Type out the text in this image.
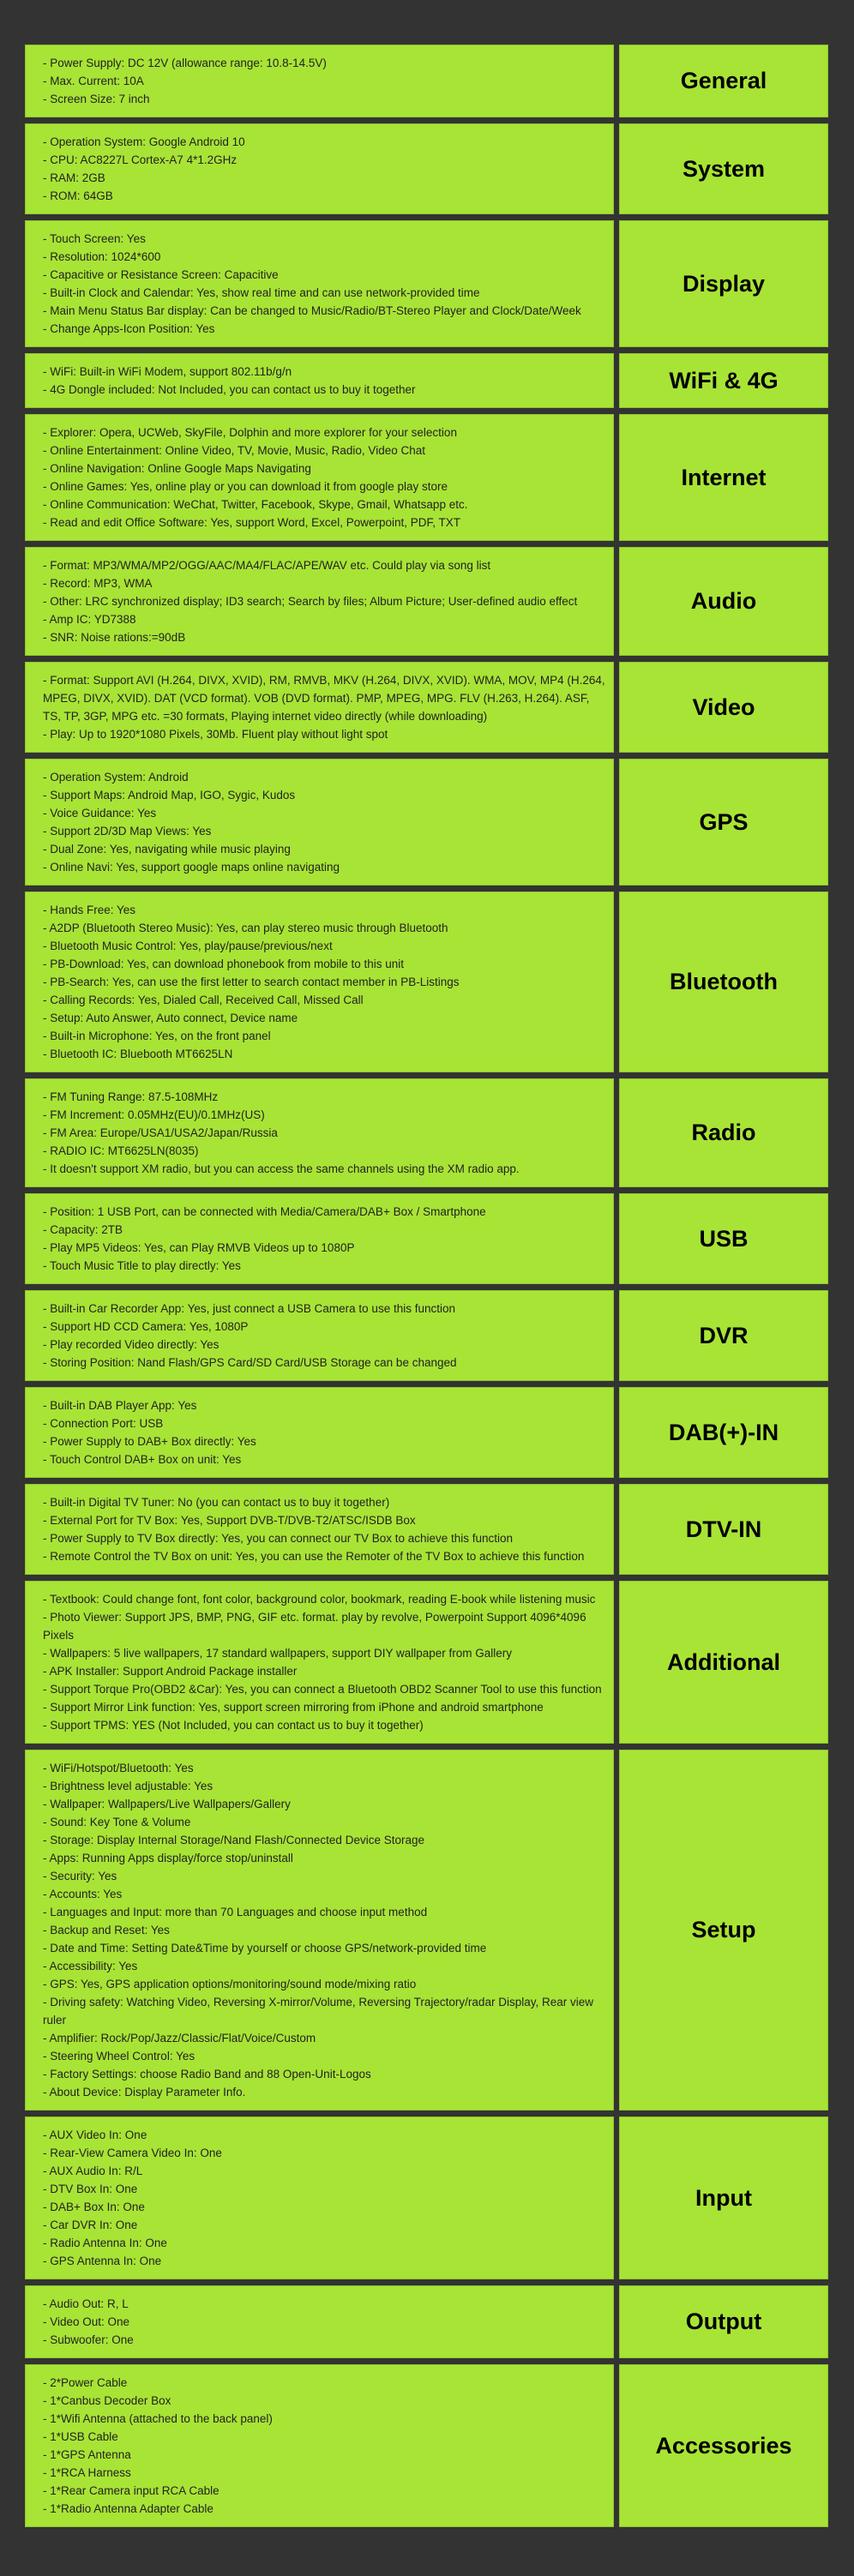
- Power Supply: DC 12V (allowance range: 10.8-14.5V)
- Max. Current: 10A
- Screen Size: 7 inch
General
- Operation System: Google Android 10
- CPU: AC8227L Cortex-A7 4*1.2GHz
- RAM: 2GB
- ROM: 64GB
System
- Touch Screen: Yes
- Resolution: 1024*600
- Capacitive or Resistance Screen: Capacitive
- Built-in Clock and Calendar: Yes, show real time and can use network-provided time
- Main Menu Status Bar display: Can be changed to Music/Radio/BT-Stereo Player and Clock/Date/Week
- Change Apps-Icon Position: Yes
Display
- WiFi: Built-in WiFi Modem, support 802.11b/g/n
- 4G Dongle included: Not Included, you can contact us to buy it together	WiFi & 4G
- Explorer: Opera, UCWeb, SkyFile, Dolphin and more explorer for your selection
- Online Entertainment: Online Video, TV, Movie, Music, Radio, Video Chat
- Online Navigation: Online Google Maps Navigating
- Online Games: Yes, online play or you can download it from google play store
- Online Communication: WeChat, Twitter, Facebook, Skype, Gmail, Whatsapp etc.
- Read and edit Office Software: Yes, support Word, Excel, Powerpoint, PDF, TXT
Internet
- Format: MP3/WMA/MP2/OGG/AAC/MA4/FLAC/APE/WAV etc. Could play via song list
- Record: MP3, WMA
- Other: LRC synchronized display; ID3 search; Search by files; Album Picture; User-defined audio effect
- Amp IC: YD7388
- SNR: Noise rations:=90dB
Audio
- Format: Support AVI (H.264, DIVX, XVID), RM, RMVB, MKV (H.264, DIVX, XVID). WMA, MOV, MP4 (H.264, MPEG, DIVX, XVID). DAT (VCD format). VOB (DVD format). PMP, MPEG, MPG. FLV (H.263, H.264). ASF, TS, TP, 3GP, MPG etc. =30 formats, Playing internet video directly (while downloading)
- Play: Up to 1920*1080 Pixels, 30Mb. Fluent play without light spot
Video
- Operation System: Android
- Support Maps: Android Map, IGO, Sygic, Kudos
- Voice Guidance: Yes
- Support 2D/3D Map Views: Yes
- Dual Zone: Yes, navigating while music playing
- Online Navi: Yes, support google maps online navigating
GPS
- Hands Free: Yes
- A2DP (Bluetooth Stereo Music): Yes, can play stereo music through Bluetooth
- Bluetooth Music Control: Yes, play/pause/previous/next
- PB-Download: Yes, can download phonebook from mobile to this unit
- PB-Search: Yes, can use the first letter to search contact member in PB-Listings
- Calling Records: Yes, Dialed Call, Received Call, Missed Call
- Setup: Auto Answer, Auto connect, Device name
- Built-in Microphone: Yes, on the front panel
- Bluetooth IC: Bluebooth MT6625LN
Bluetooth
- FM Tuning Range: 87.5-108MHz
- FM Increment: 0.05MHz(EU)/0.1MHz(US)
- FM Area: Europe/USA1/USA2/Japan/Russia
- RADIO IC: MT6625LN(8035)
- It doesn't support XM radio, but you can access the same channels using the XM radio app.
Radio
- Position: 1 USB Port, can be connected with Media/Camera/DAB+ Box / Smartphone
- Capacity: 2TB
- Play MP5 Videos: Yes, can Play RMVB Videos up to 1080P
- Touch Music Title to play directly: Yes
USB
- Built-in Car Recorder App: Yes, just connect a USB Camera to use this function
- Support HD CCD Camera: Yes, 1080P
- Play recorded Video directly: Yes
- Storing Position: Nand Flash/GPS Card/SD Card/USB Storage can be changed
DVR
- Built-in DAB Player App: Yes
- Connection Port: USB
- Power Supply to DAB+ Box directly: Yes
- Touch Control DAB+ Box on unit: Yes
DAB(+)-IN
- Built-in Digital TV Tuner: No (you can contact us to buy it together)
- External Port for TV Box: Yes, Support DVB-T/DVB-T2/ATSC/ISDB Box
- Power Supply to TV Box directly: Yes, you can connect our TV Box to achieve this function
- Remote Control the TV Box on unit: Yes, you can use the Remoter of the TV Box to achieve this function
DTV-IN
- Textbook: Could change font, font color, background color, bookmark, reading E-book while listening music
- Photo Viewer: Support JPS, BMP, PNG, GIF etc. format. play by revolve, Powerpoint Support 4096*4096 Pixels
- Wallpapers: 5 live wallpapers, 17 standard wallpapers, support DIY wallpaper from Gallery
- APK Installer: Support Android Package installer
- Support Torque Pro(OBD2 &Car): Yes, you can connect a Bluetooth OBD2 Scanner Tool to use this function
- Support Mirror Link function: Yes, support screen mirroring from iPhone and android smartphone
- Support TPMS: YES (Not Included, you can contact us to buy it together)
Additional
- WiFi/Hotspot/Bluetooth: Yes
- Brightness level adjustable: Yes
- Wallpaper: Wallpapers/Live Wallpapers/Gallery
- Sound: Key Tone & Volume
- Storage: Display Internal Storage/Nand Flash/Connected Device Storage
- Apps: Running Apps display/force stop/uninstall
- Security: Yes
- Accounts: Yes
- Languages and Input: more than 70 Languages and choose input method
- Backup and Reset: Yes
- Date and Time: Setting Date&Time by yourself or choose GPS/network-provided time
- Accessibility: Yes
- GPS: Yes, GPS application options/monitoring/sound mode/mixing ratio
- Driving safety: Watching Video, Reversing X-mirror/Volume, Reversing Trajectory/radar Display, Rear view ruler
- Amplifier: Rock/Pop/Jazz/Classic/Flat/Voice/Custom
- Steering Wheel Control: Yes
- Factory Settings: choose Radio Band and 88 Open-Unit-Logos
- About Device: Display Parameter Info.
Setup
- AUX Video In: One
- Rear-View Camera Video In: One
- AUX Audio In: R/L
- DTV Box In: One
- DAB+ Box In: One
- Car DVR In: One
- Radio Antenna In: One
- GPS Antenna In: One
Input
- Audio Out: R, L
- Video Out: One
- Subwoofer: One
Output
- 2*Power Cable
- 1*Canbus Decoder Box
- 1*Wifi Antenna (attached to the back panel)
- 1*USB Cable
- 1*GPS Antenna
- 1*RCA Harness
- 1*Rear Camera input RCA Cable
- 1*Radio Antenna Adapter Cable
Accessories
